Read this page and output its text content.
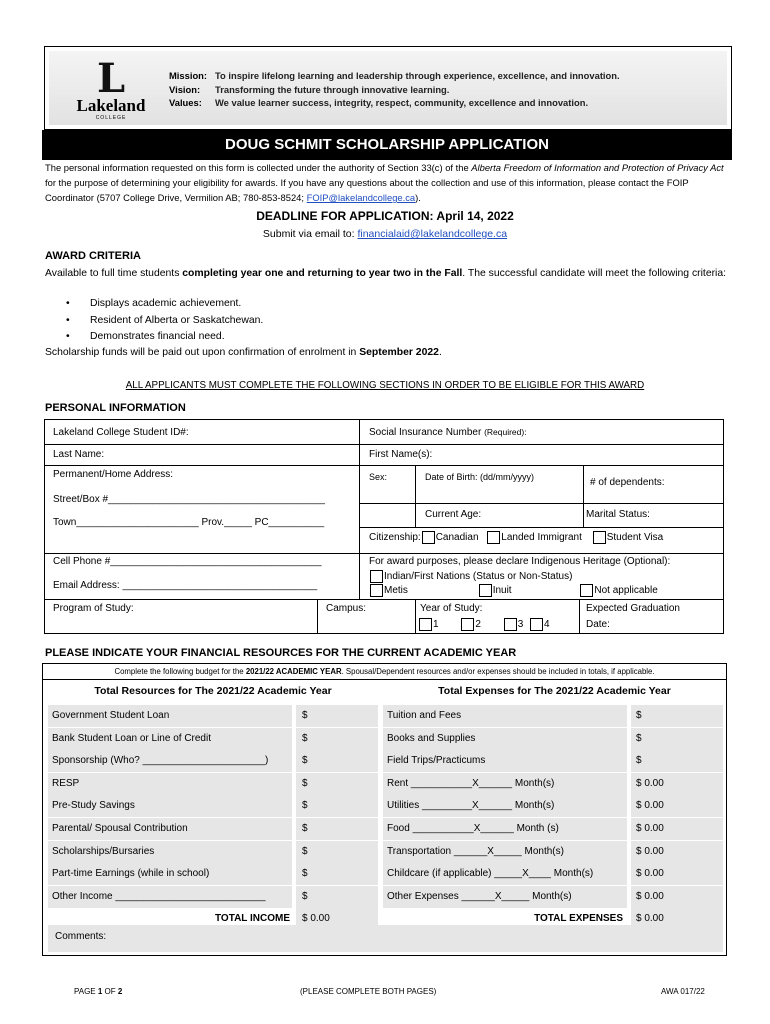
L
Lakeland
COLLEGE
Mission: To inspire lifelong learning and leadership through experience, excellence, and innovation.
Vision: Transforming the future through innovative learning.
Values: We value learner success, integrity, respect, community, excellence and innovation.
DOUG SCHMIT SCHOLARSHIP APPLICATION
The personal information requested on this form is collected under the authority of Section 33(c) of the Alberta Freedom of Information and Protection of Privacy Act for the purpose of determining your eligibility for awards. If you have any questions about the collection and use of this information, please contact the FOIP Coordinator (5707 College Drive, Vermilion AB; 780-853-8524; FOIP@lakelandcollege.ca).
DEADLINE FOR APPLICATION: April 14, 2022
Submit via email to: financialaid@lakelandcollege.ca
AWARD CRITERIA
Available to full time students completing year one and returning to year two in the Fall. The successful candidate will meet the following criteria:
• Displays academic achievement.
• Resident of Alberta or Saskatchewan.
• Demonstrates financial need.
Scholarship funds will be paid out upon confirmation of enrolment in September 2022.
ALL APPLICANTS MUST COMPLETE THE FOLLOWING SECTIONS IN ORDER TO BE ELIGIBLE FOR THIS AWARD
PERSONAL INFORMATION
Lakeland College Student ID#:	Social Insurance Number (Required):
Last Name:	First Name(s):
Permanent/Home Address:
Street/Box #_______________________________________
Town______________________ Prov._____ PC__________
Sex:	Date of Birth: (dd/mm/yyyy)	# of dependents:
Current Age:	Marital Status:
Citizenship: Canadian Landed Immigrant Student Visa
Cell Phone #______________________________________
Email Address: ___________________________________
For award purposes, please declare Indigenous Heritage (Optional):
Indian/First Nations (Status or Non-Status)
Metis	Inuit	Not applicable
Program of Study:	Campus:	Year of Study:
1	2	3 4
Expected Graduation
Date:
PLEASE INDICATE YOUR FINANCIAL RESOURCES FOR THE CURRENT ACADEMIC YEAR
Complete the following budget for the 2021/22 ACADEMIC YEAR. Spousal/Dependent resources and/or expenses should be included in totals, if applicable.
Total Resources for The 2021/22 Academic Year	Total Expenses for The 2021/22 Academic Year
Government Student Loan	$	Tuition and Fees	$
Bank Student Loan or Line of Credit	$	Books and Supplies	$
Sponsorship (Who? ______________________)	$	Field Trips/Practicums	$
RESP	$	Rent ___________X______ Month(s)	$ 0.00
Pre-Study Savings	$	Utilities _________X______ Month(s)	$ 0.00
Parental/ Spousal Contribution	$	Food ___________X______ Month (s)	$ 0.00
Scholarships/Bursaries	$	Transportation ______X_____ Month(s)	$ 0.00
Part-time Earnings (while in school)	$	Childcare (if applicable) _____X____ Month(s)	$ 0.00
Other Income ___________________________	$	Other Expenses ______X_____ Month(s)	$ 0.00
TOTAL INCOME	$ 0.00	TOTAL EXPENSES	$ 0.00
Comments:
PAGE 1 OF 2	(PLEASE COMPLETE BOTH PAGES)	AWA 017/22
